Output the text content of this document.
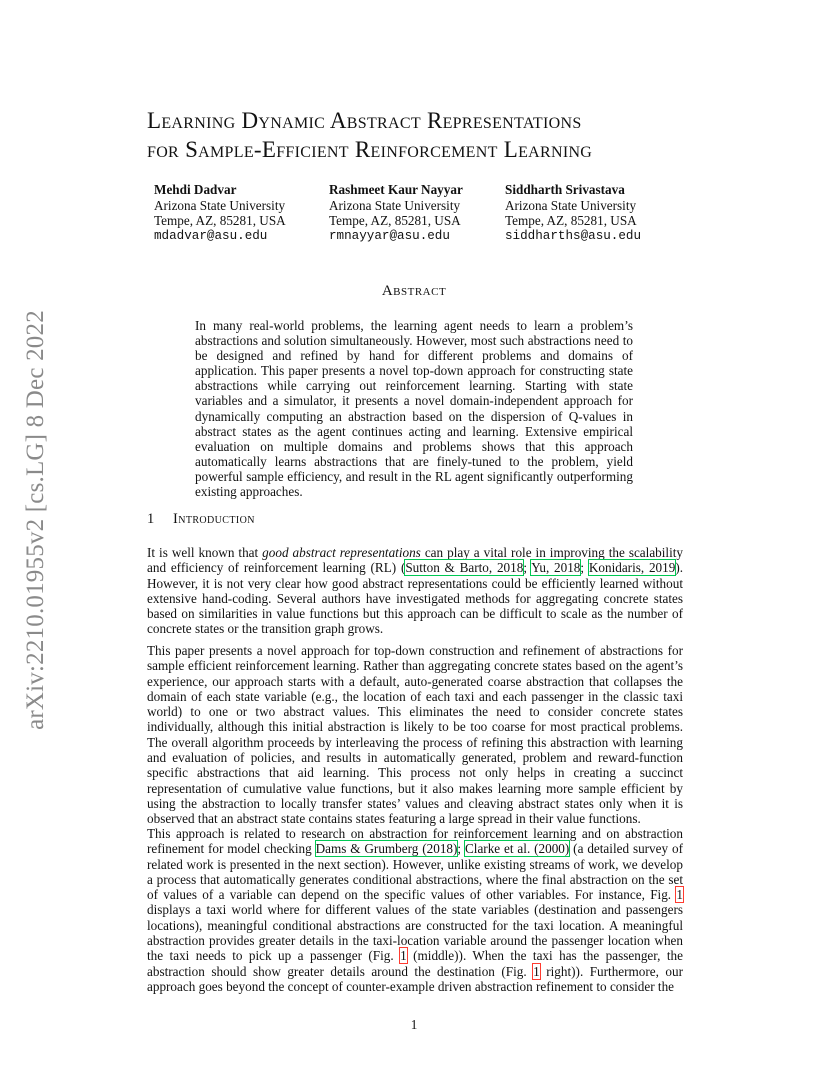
arXiv:2210.01955v2 [cs.LG] 8 Dec 2022
Learning Dynamic Abstract Representations
for Sample-Efficient Reinforcement Learning
Mehdi Dadvar
Arizona State University
Tempe, AZ, 85281, USA
mdadvar@asu.edu
Rashmeet Kaur Nayyar
Arizona State University
Tempe, AZ, 85281, USA
rmnayyar@asu.edu
Siddharth Srivastava
Arizona State University
Tempe, AZ, 85281, USA
siddharths@asu.edu
Abstract

In many real-world problems, the learning agent needs to learn a problem’s abstractions and solution simultaneously. However, most such abstractions need to be designed and refined by hand for different problems and domains of application. This paper presents a novel top-down approach for constructing state abstractions while carrying out reinforcement learning. Starting with state variables and a simulator, it presents a novel domain-independent approach for dynamically computing an abstraction based on the dispersion of Q-values in abstract states as the agent continues acting and learning. Extensive empirical evaluation on multiple domains and problems shows that this approach automatically learns abstractions that are finely-tuned to the problem, yield powerful sample efficiency, and result in the RL agent significantly outperforming existing approaches.

1 Introduction

It is well known that good abstract representations can play a vital role in improving the scalability and efficiency of reinforcement learning (RL) (Sutton & Barto, 2018; Yu, 2018; Konidaris, 2019). However, it is not very clear how good abstract representations could be efficiently learned without extensive hand-coding. Several authors have investigated methods for aggregating concrete states based on similarities in value functions but this approach can be difficult to scale as the number of concrete states or the transition graph grows.

This paper presents a novel approach for top-down construction and refinement of abstractions for sample efficient reinforcement learning. Rather than aggregating concrete states based on the agent’s experience, our approach starts with a default, auto-generated coarse abstraction that collapses the domain of each state variable (e.g., the location of each taxi and each passenger in the classic taxi world) to one or two abstract values. This eliminates the need to consider concrete states individually, although this initial abstraction is likely to be too coarse for most practical problems. The overall algorithm proceeds by interleaving the process of refining this abstraction with learning and evaluation of policies, and results in automatically generated, problem and reward-function specific abstractions that aid learning. This process not only helps in creating a succinct representation of cumulative value functions, but it also makes learning more sample efficient by using the abstraction to locally transfer states’ values and cleaving abstract states only when it is observed that an abstract state contains states featuring a large spread in their value functions.

This approach is related to research on abstraction for reinforcement learning and on abstraction refinement for model checking Dams & Grumberg (2018); Clarke et al. (2000) (a detailed survey of related work is presented in the next section). However, unlike existing streams of work, we develop a process that automatically generates conditional abstractions, where the final abstraction on the set of values of a variable can depend on the specific values of other variables. For instance, Fig. 1 displays a taxi world where for different values of the state variables (destination and passengers locations), meaningful conditional abstractions are constructed for the taxi location. A meaningful abstraction provides greater details in the taxi-location variable around the passenger location when the taxi needs to pick up a passenger (Fig. 1 (middle)). When the taxi has the passenger, the abstraction should show greater details around the destination (Fig. 1 right)). Furthermore, our approach goes beyond the concept of counter-example driven abstraction refinement to consider the

1
